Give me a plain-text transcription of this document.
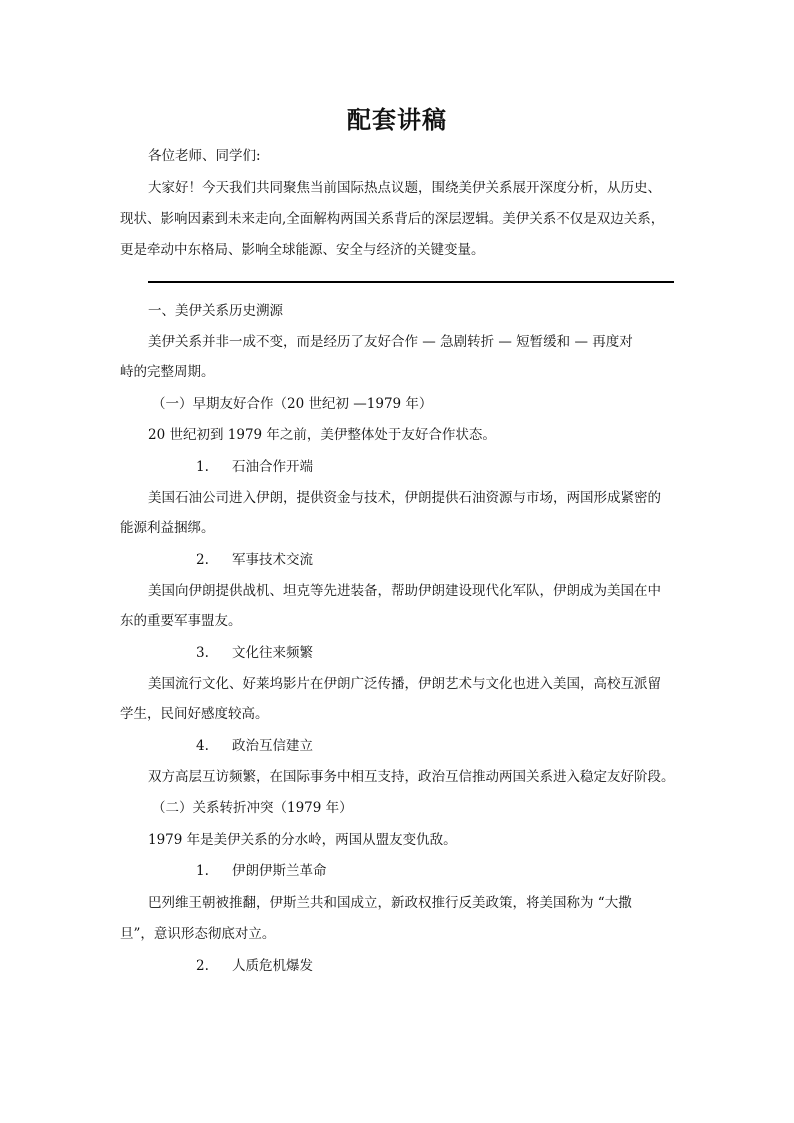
配套讲稿
各位老师、同学们:
大家好！今天我们共同聚焦当前国际热点议题，围绕美伊关系展开深度分析，从历史、
现状、影响因素到未来走向,全面解构两国关系背后的深层逻辑。美伊关系不仅是双边关系，
更是牵动中东格局、影响全球能源、安全与经济的关键变量。
一、美伊关系历史溯源
美伊关系并非一成不变，而是经历了友好合作 — 急剧转折 — 短暂缓和 — 再度对
峙的完整周期。
（一）早期友好合作（20 世纪初 —1979 年）
20 世纪初到 1979 年之前，美伊整体处于友好合作状态。
1.	石油合作开端
美国石油公司进入伊朗，提供资金与技术，伊朗提供石油资源与市场，两国形成紧密的
能源利益捆绑。
2.	军事技术交流
美国向伊朗提供战机、坦克等先进装备，帮助伊朗建设现代化军队，伊朗成为美国在中
东的重要军事盟友。
3.	文化往来频繁
美国流行文化、好莱坞影片在伊朗广泛传播，伊朗艺术与文化也进入美国，高校互派留
学生，民间好感度较高。
4.	政治互信建立
双方高层互访频繁，在国际事务中相互支持，政治互信推动两国关系进入稳定友好阶段。
（二）关系转折冲突（1979 年）
1979 年是美伊关系的分水岭，两国从盟友变仇敌。
1.	伊朗伊斯兰革命
巴列维王朝被推翻，伊斯兰共和国成立，新政权推行反美政策，将美国称为 “大撒
旦”，意识形态彻底对立。
2.	人质危机爆发
